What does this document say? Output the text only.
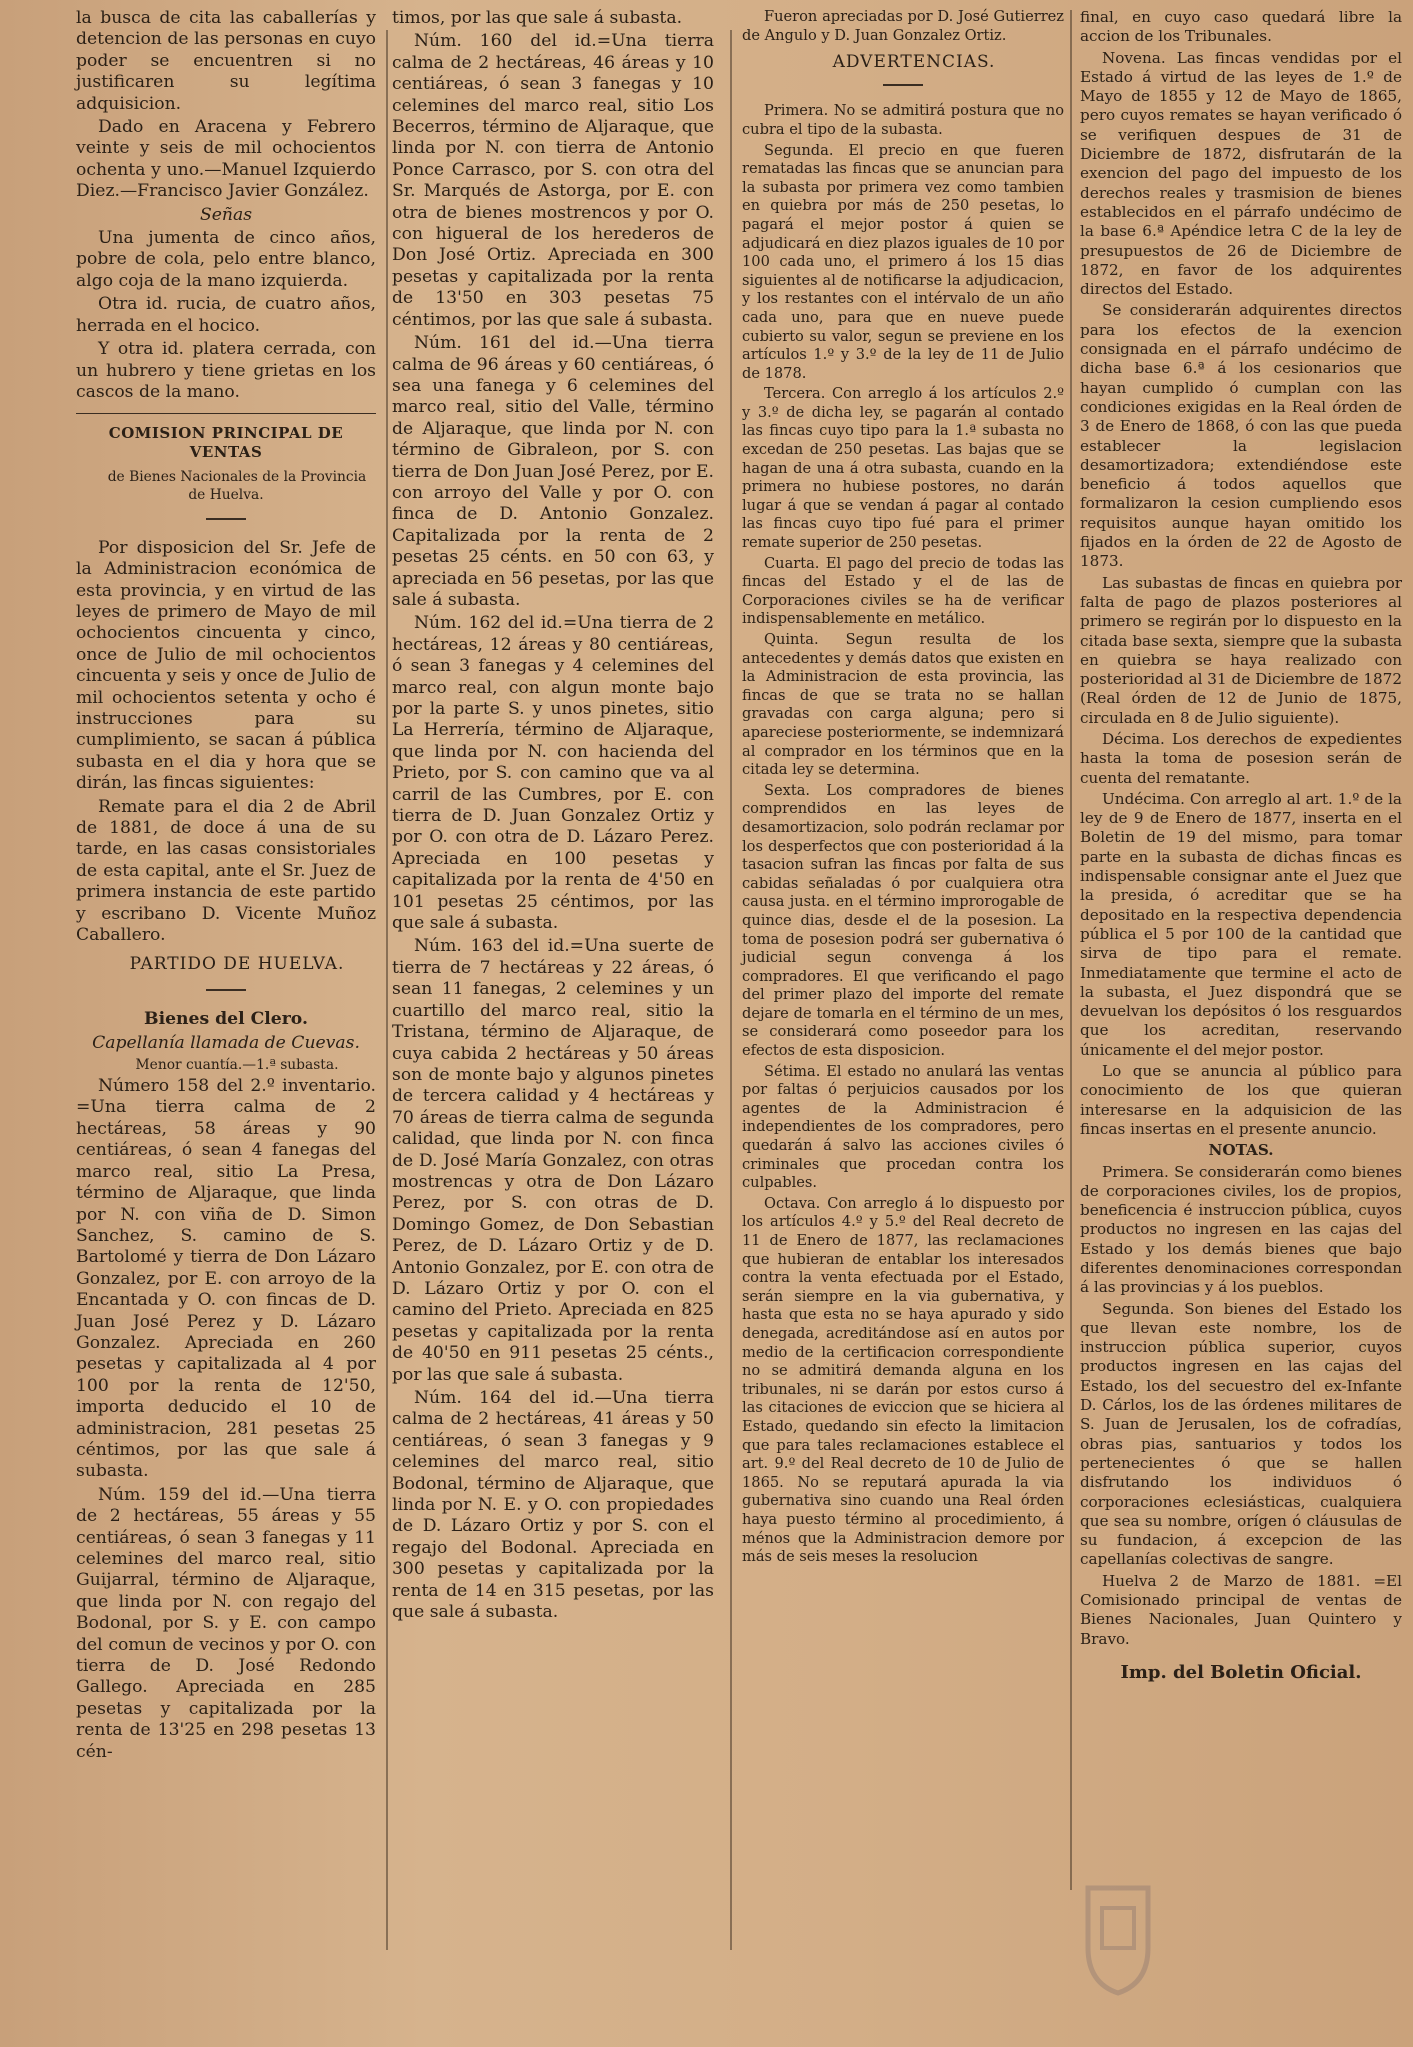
la busca de cita las caballerías y detencion de las personas en cuyo poder se encuentren si no justificaren su legítima adquisicion.

Dado en Aracena y Febrero veinte y seis de mil ochocientos ochenta y uno.—Manuel Izquierdo Diez.—Francisco Javier González.

Señas

Una jumenta de cinco años, pobre de cola, pelo entre blanco, algo coja de la mano izquierda.

Otra id. rucia, de cuatro años, herrada en el hocico.

Y otra id. platera cerrada, con un hubrero y tiene grietas en los cascos de la mano.

COMISION PRINCIPAL DE VENTAS

de Bienes Nacionales de la Provincia de Huelva.

Por disposicion del Sr. Jefe de la Administracion económica de esta provincia, y en virtud de las leyes de primero de Mayo de mil ochocientos cincuenta y cinco, once de Julio de mil ochocientos cincuenta y seis y once de Julio de mil ochocientos setenta y ocho é instrucciones para su cumplimiento, se sacan á pública subasta en el dia y hora que se dirán, las fincas siguientes:

Remate para el dia 2 de Abril de 1881, de doce á una de su tarde, en las casas consistoriales de esta capital, ante el Sr. Juez de primera instancia de este partido y escribano D. Vicente Muñoz Caballero.

PARTIDO DE HUELVA.

Bienes del Clero.

Capellanía llamada de Cuevas.

Menor cuantía.—1.ª subasta.

Número 158 del 2.º inventario. =Una tierra calma de 2 hectáreas, 58 áreas y 90 centiáreas, ó sean 4 fanegas del marco real, sitio La Presa, término de Aljaraque, que linda por N. con viña de D. Simon Sanchez, S. camino de S. Bartolomé y tierra de Don Lázaro Gonzalez, por E. con arroyo de la Encantada y O. con fincas de D. Juan José Perez y D. Lázaro Gonzalez. Apreciada en 260 pesetas y capitalizada al 4 por 100 por la renta de 12'50, importa deducido el 10 de administracion, 281 pesetas 25 céntimos, por las que sale á subasta.

Núm. 159 del id.—Una tierra de 2 hectáreas, 55 áreas y 55 centiáreas, ó sean 3 fanegas y 11 celemines del marco real, sitio Guijarral, término de Aljaraque, que linda por N. con regajo del Bodonal, por S. y E. con campo del comun de vecinos y por O. con tierra de D. José Redondo Gallego. Apreciada en 285 pesetas y capitalizada por la renta de 13'25 en 298 pesetas 13 cén-

timos, por las que sale á subasta.

Núm. 160 del id.=Una tierra calma de 2 hectáreas, 46 áreas y 10 centiáreas, ó sean 3 fanegas y 10 celemines del marco real, sitio Los Becerros, término de Aljaraque, que linda por N. con tierra de Antonio Ponce Carrasco, por S. con otra del Sr. Marqués de Astorga, por E. con otra de bienes mostrencos y por O. con higueral de los herederos de Don José Ortiz. Apreciada en 300 pesetas y capitalizada por la renta de 13'50 en 303 pesetas 75 céntimos, por las que sale á subasta.

Núm. 161 del id.—Una tierra calma de 96 áreas y 60 centiáreas, ó sea una fanega y 6 celemines del marco real, sitio del Valle, término de Aljaraque, que linda por N. con término de Gibraleon, por S. con tierra de Don Juan José Perez, por E. con arroyo del Valle y por O. con finca de D. Antonio Gonzalez. Capitalizada por la renta de 2 pesetas 25 cénts. en 50 con 63, y apreciada en 56 pesetas, por las que sale á subasta.

Núm. 162 del id.=Una tierra de 2 hectáreas, 12 áreas y 80 centiáreas, ó sean 3 fanegas y 4 celemines del marco real, con algun monte bajo por la parte S. y unos pinetes, sitio La Herrería, término de Aljaraque, que linda por N. con hacienda del Prieto, por S. con camino que va al carril de las Cumbres, por E. con tierra de D. Juan Gonzalez Ortiz y por O. con otra de D. Lázaro Perez. Apreciada en 100 pesetas y capitalizada por la renta de 4'50 en 101 pesetas 25 céntimos, por las que sale á subasta.

Núm. 163 del id.=Una suerte de tierra de 7 hectáreas y 22 áreas, ó sean 11 fanegas, 2 celemines y un cuartillo del marco real, sitio la Tristana, término de Aljaraque, de cuya cabida 2 hectáreas y 50 áreas son de monte bajo y algunos pinetes de tercera calidad y 4 hectáreas y 70 áreas de tierra calma de segunda calidad, que linda por N. con finca de D. José María Gonzalez, con otras mostrencas y otra de Don Lázaro Perez, por S. con otras de D. Domingo Gomez, de Don Sebastian Perez, de D. Lázaro Ortiz y de D. Antonio Gonzalez, por E. con otra de D. Lázaro Ortiz y por O. con el camino del Prieto. Apreciada en 825 pesetas y capitalizada por la renta de 40'50 en 911 pesetas 25 cénts., por las que sale á subasta.

Núm. 164 del id.—Una tierra calma de 2 hectáreas, 41 áreas y 50 centiáreas, ó sean 3 fanegas y 9 celemines del marco real, sitio Bodonal, término de Aljaraque, que linda por N. E. y O. con propiedades de D. Lázaro Ortiz y por S. con el regajo del Bodonal. Apreciada en 300 pesetas y capitalizada por la renta de 14 en 315 pesetas, por las que sale á subasta.

Fueron apreciadas por D. José Gutierrez de Angulo y D. Juan Gonzalez Ortiz.

ADVERTENCIAS.

Primera. No se admitirá postura que no cubra el tipo de la subasta.

Segunda. El precio en que fueren rematadas las fincas que se anuncian para la subasta por primera vez como tambien en quiebra por más de 250 pesetas, lo pagará el mejor postor á quien se adjudicará en diez plazos iguales de 10 por 100 cada uno, el primero á los 15 dias siguientes al de notificarse la adjudicacion, y los restantes con el intérvalo de un año cada uno, para que en nueve puede cubierto su valor, segun se previene en los artículos 1.º y 3.º de la ley de 11 de Julio de 1878.

Tercera. Con arreglo á los artículos 2.º y 3.º de dicha ley, se pagarán al contado las fincas cuyo tipo para la 1.ª subasta no excedan de 250 pesetas. Las bajas que se hagan de una á otra subasta, cuando en la primera no hubiese postores, no darán lugar á que se vendan á pagar al contado las fincas cuyo tipo fué para el primer remate superior de 250 pesetas.

Cuarta. El pago del precio de todas las fincas del Estado y el de las de Corporaciones civiles se ha de verificar indispensablemente en metálico.

Quinta. Segun resulta de los antecedentes y demás datos que existen en la Administracion de esta provincia, las fincas de que se trata no se hallan gravadas con carga alguna; pero si apareciese posteriormente, se indemnizará al comprador en los términos que en la citada ley se determina.

Sexta. Los compradores de bienes comprendidos en las leyes de desamortizacion, solo podrán reclamar por los desperfectos que con posterioridad á la tasacion sufran las fincas por falta de sus cabidas señaladas ó por cualquiera otra causa justa. en el término improrogable de quince dias, desde el de la posesion. La toma de posesion podrá ser gubernativa ó judicial segun convenga á los compradores. El que verificando el pago del primer plazo del importe del remate dejare de tomarla en el término de un mes, se considerará como poseedor para los efectos de esta disposicion.

Sétima. El estado no anulará las ventas por faltas ó perjuicios causados por los agentes de la Administracion é independientes de los compradores, pero quedarán á salvo las acciones civiles ó criminales que procedan contra los culpables.

Octava. Con arreglo á lo dispuesto por los artículos 4.º y 5.º del Real decreto de 11 de Enero de 1877, las reclamaciones que hubieran de entablar los interesados contra la venta efectuada por el Estado, serán siempre en la via gubernativa, y hasta que esta no se haya apurado y sido denegada, acreditándose así en autos por medio de la certificacion correspondiente no se admitirá demanda alguna en los tribunales, ni se darán por estos curso á las citaciones de eviccion que se hiciera al Estado, quedando sin efecto la limitacion que para tales reclamaciones establece el art. 9.º del Real decreto de 10 de Julio de 1865. No se reputará apurada la via gubernativa sino cuando una Real órden haya puesto término al procedimiento, á ménos que la Administracion demore por más de seis meses la resolucion

final, en cuyo caso quedará libre la accion de los Tribunales.

Novena. Las fincas vendidas por el Estado á virtud de las leyes de 1.º de Mayo de 1855 y 12 de Mayo de 1865, pero cuyos remates se hayan verificado ó se verifiquen despues de 31 de Diciembre de 1872, disfrutarán de la exencion del pago del impuesto de los derechos reales y trasmision de bienes establecidos en el párrafo undécimo de la base 6.ª Apéndice letra C de la ley de presupuestos de 26 de Diciembre de 1872, en favor de los adquirentes directos del Estado.

Se considerarán adquirentes directos para los efectos de la exencion consignada en el párrafo undécimo de dicha base 6.ª á los cesionarios que hayan cumplido ó cumplan con las condiciones exigidas en la Real órden de 3 de Enero de 1868, ó con las que pueda establecer la legislacion desamortizadora; extendiéndose este beneficio á todos aquellos que formalizaron la cesion cumpliendo esos requisitos aunque hayan omitido los fijados en la órden de 22 de Agosto de 1873.

Las subastas de fincas en quiebra por falta de pago de plazos posteriores al primero se regirán por lo dispuesto en la citada base sexta, siempre que la subasta en quiebra se haya realizado con posterioridad al 31 de Diciembre de 1872 (Real órden de 12 de Junio de 1875, circulada en 8 de Julio siguiente).

Décima. Los derechos de expedientes hasta la toma de posesion serán de cuenta del rematante.

Undécima. Con arreglo al art. 1.º de la ley de 9 de Enero de 1877, inserta en el Boletin de 19 del mismo, para tomar parte en la subasta de dichas fincas es indispensable consignar ante el Juez que la presida, ó acreditar que se ha depositado en la respectiva dependencia pública el 5 por 100 de la cantidad que sirva de tipo para el remate. Inmediatamente que termine el acto de la subasta, el Juez dispondrá que se devuelvan los depósitos ó los resguardos que los acreditan, reservando únicamente el del mejor postor.

Lo que se anuncia al público para conocimiento de los que quieran interesarse en la adquisicion de las fincas insertas en el presente anuncio.

NOTAS.

Primera. Se considerarán como bienes de corporaciones civiles, los de propios, beneficencia é instruccion pública, cuyos productos no ingresen en las cajas del Estado y los demás bienes que bajo diferentes denominaciones correspondan á las provincias y á los pueblos.

Segunda. Son bienes del Estado los que llevan este nombre, los de instruccion pública superior, cuyos productos ingresen en las cajas del Estado, los del secuestro del ex-Infante D. Cárlos, los de las órdenes militares de S. Juan de Jerusalen, los de cofradías, obras pias, santuarios y todos los pertenecientes ó que se hallen disfrutando los individuos ó corporaciones eclesiásticas, cualquiera que sea su nombre, orígen ó cláusulas de su fundacion, á excepcion de las capellanías colectivas de sangre.

Huelva 2 de Marzo de 1881. =El Comisionado principal de ventas de Bienes Nacionales, Juan Quintero y Bravo.

Imp. del Boletin Oficial.
